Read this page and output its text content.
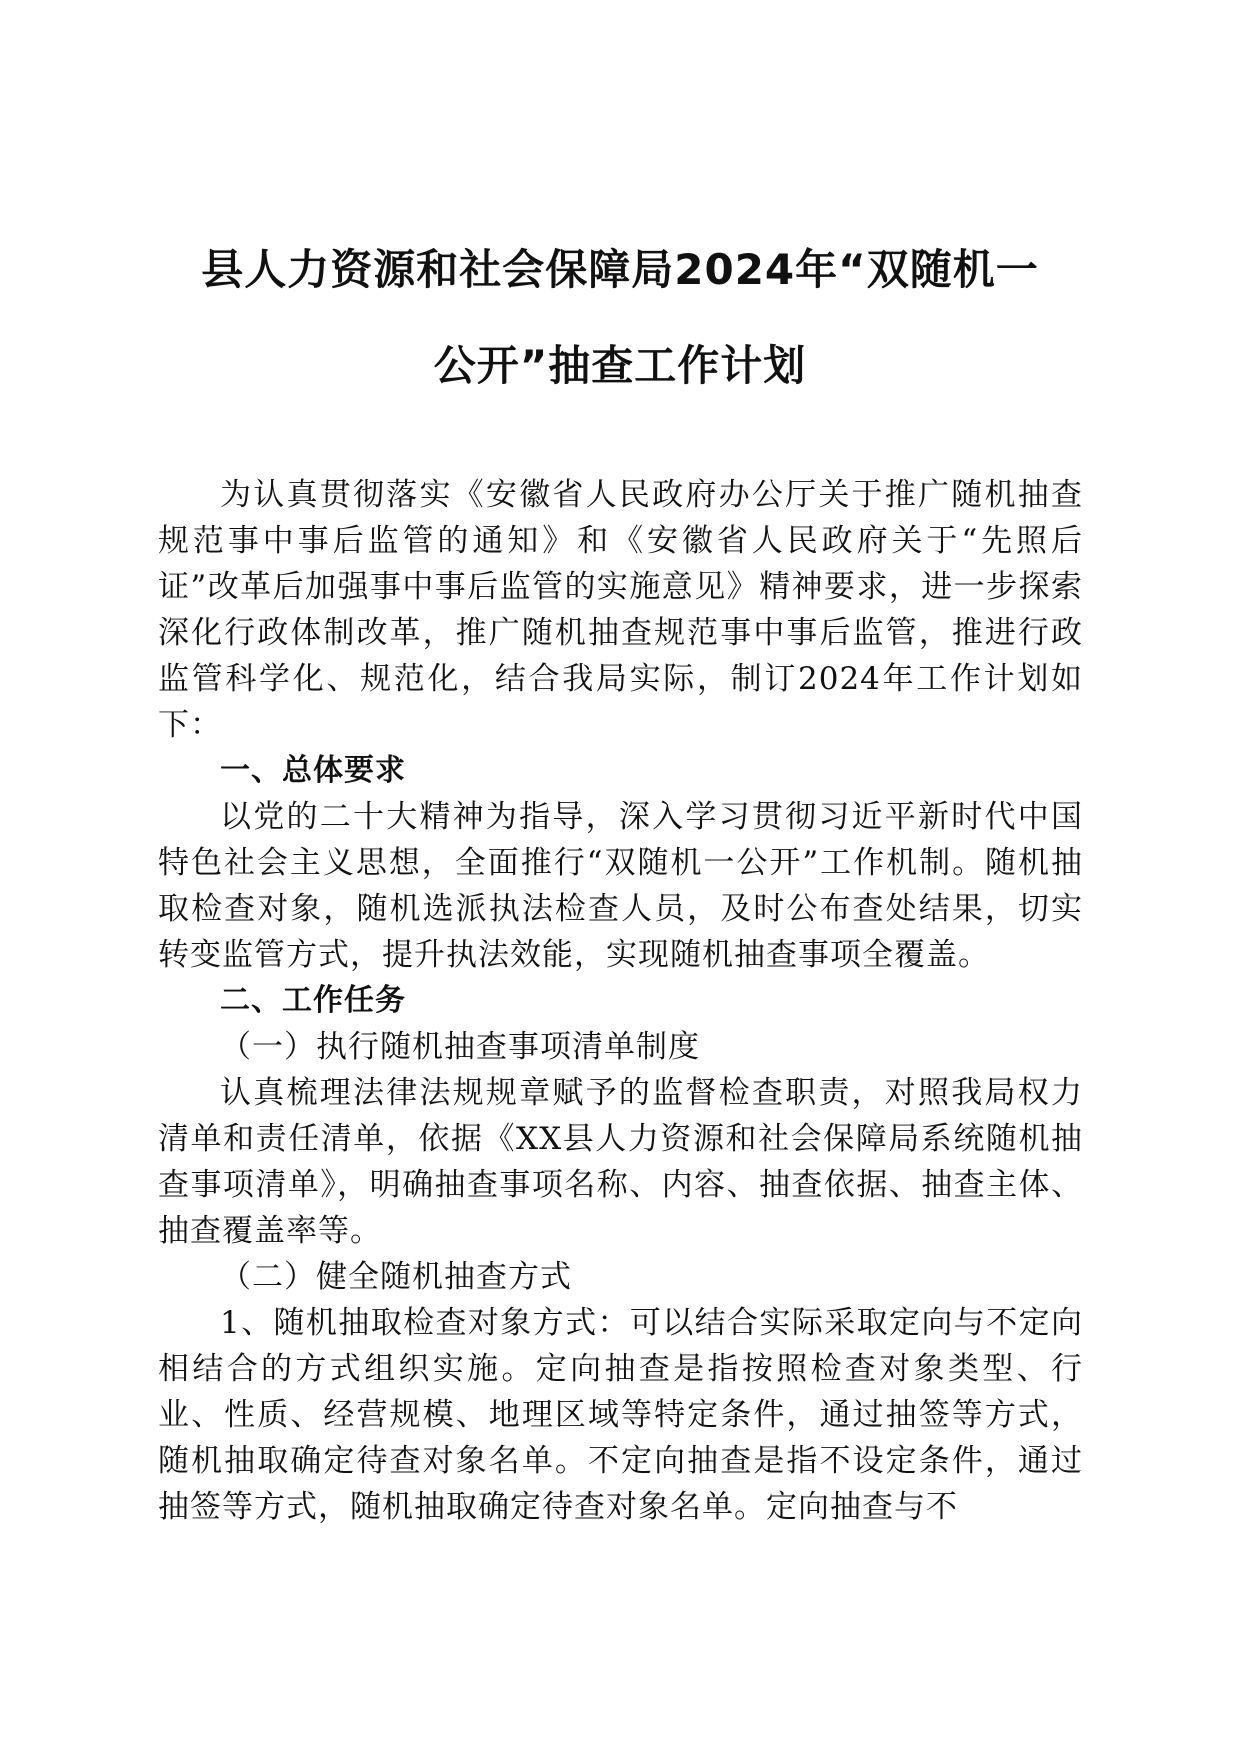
县人力资源和社会保障局2024年“双随机一
公开”抽查工作计划

为认真贯彻落实《安徽省人民政府办公厅关于推广随机抽查规范事中事后监管的通知》和《安徽省人民政府关于“先照后证”改革后加强事中事后监管的实施意见》精神要求，进一步探索深化行政体制改革，推广随机抽查规范事中事后监管，推进行政监管科学化、规范化，结合我局实际，制订2024年工作计划如下：

一、总体要求

以党的二十大精神为指导，深入学习贯彻习近平新时代中国特色社会主义思想，全面推行“双随机一公开”工作机制。随机抽取检查对象，随机选派执法检查人员，及时公布查处结果，切实转变监管方式，提升执法效能，实现随机抽查事项全覆盖。

二、工作任务

（一）执行随机抽查事项清单制度

认真梳理法律法规规章赋予的监督检查职责，对照我局权力清单和责任清单，依据《XX县人力资源和社会保障局系统随机抽查事项清单》，明确抽查事项名称、内容、抽查依据、抽查主体、抽查覆盖率等。

（二）健全随机抽查方式

1、随机抽取检查对象方式：可以结合实际采取定向与不定向相结合的方式组织实施。定向抽查是指按照检查对象类型、行业、性质、经营规模、地理区域等特定条件，通过抽签等方式，随机抽取确定待查对象名单。不定向抽查是指不设定条件，通过抽签等方式，随机抽取确定待查对象名单。定向抽查与不
